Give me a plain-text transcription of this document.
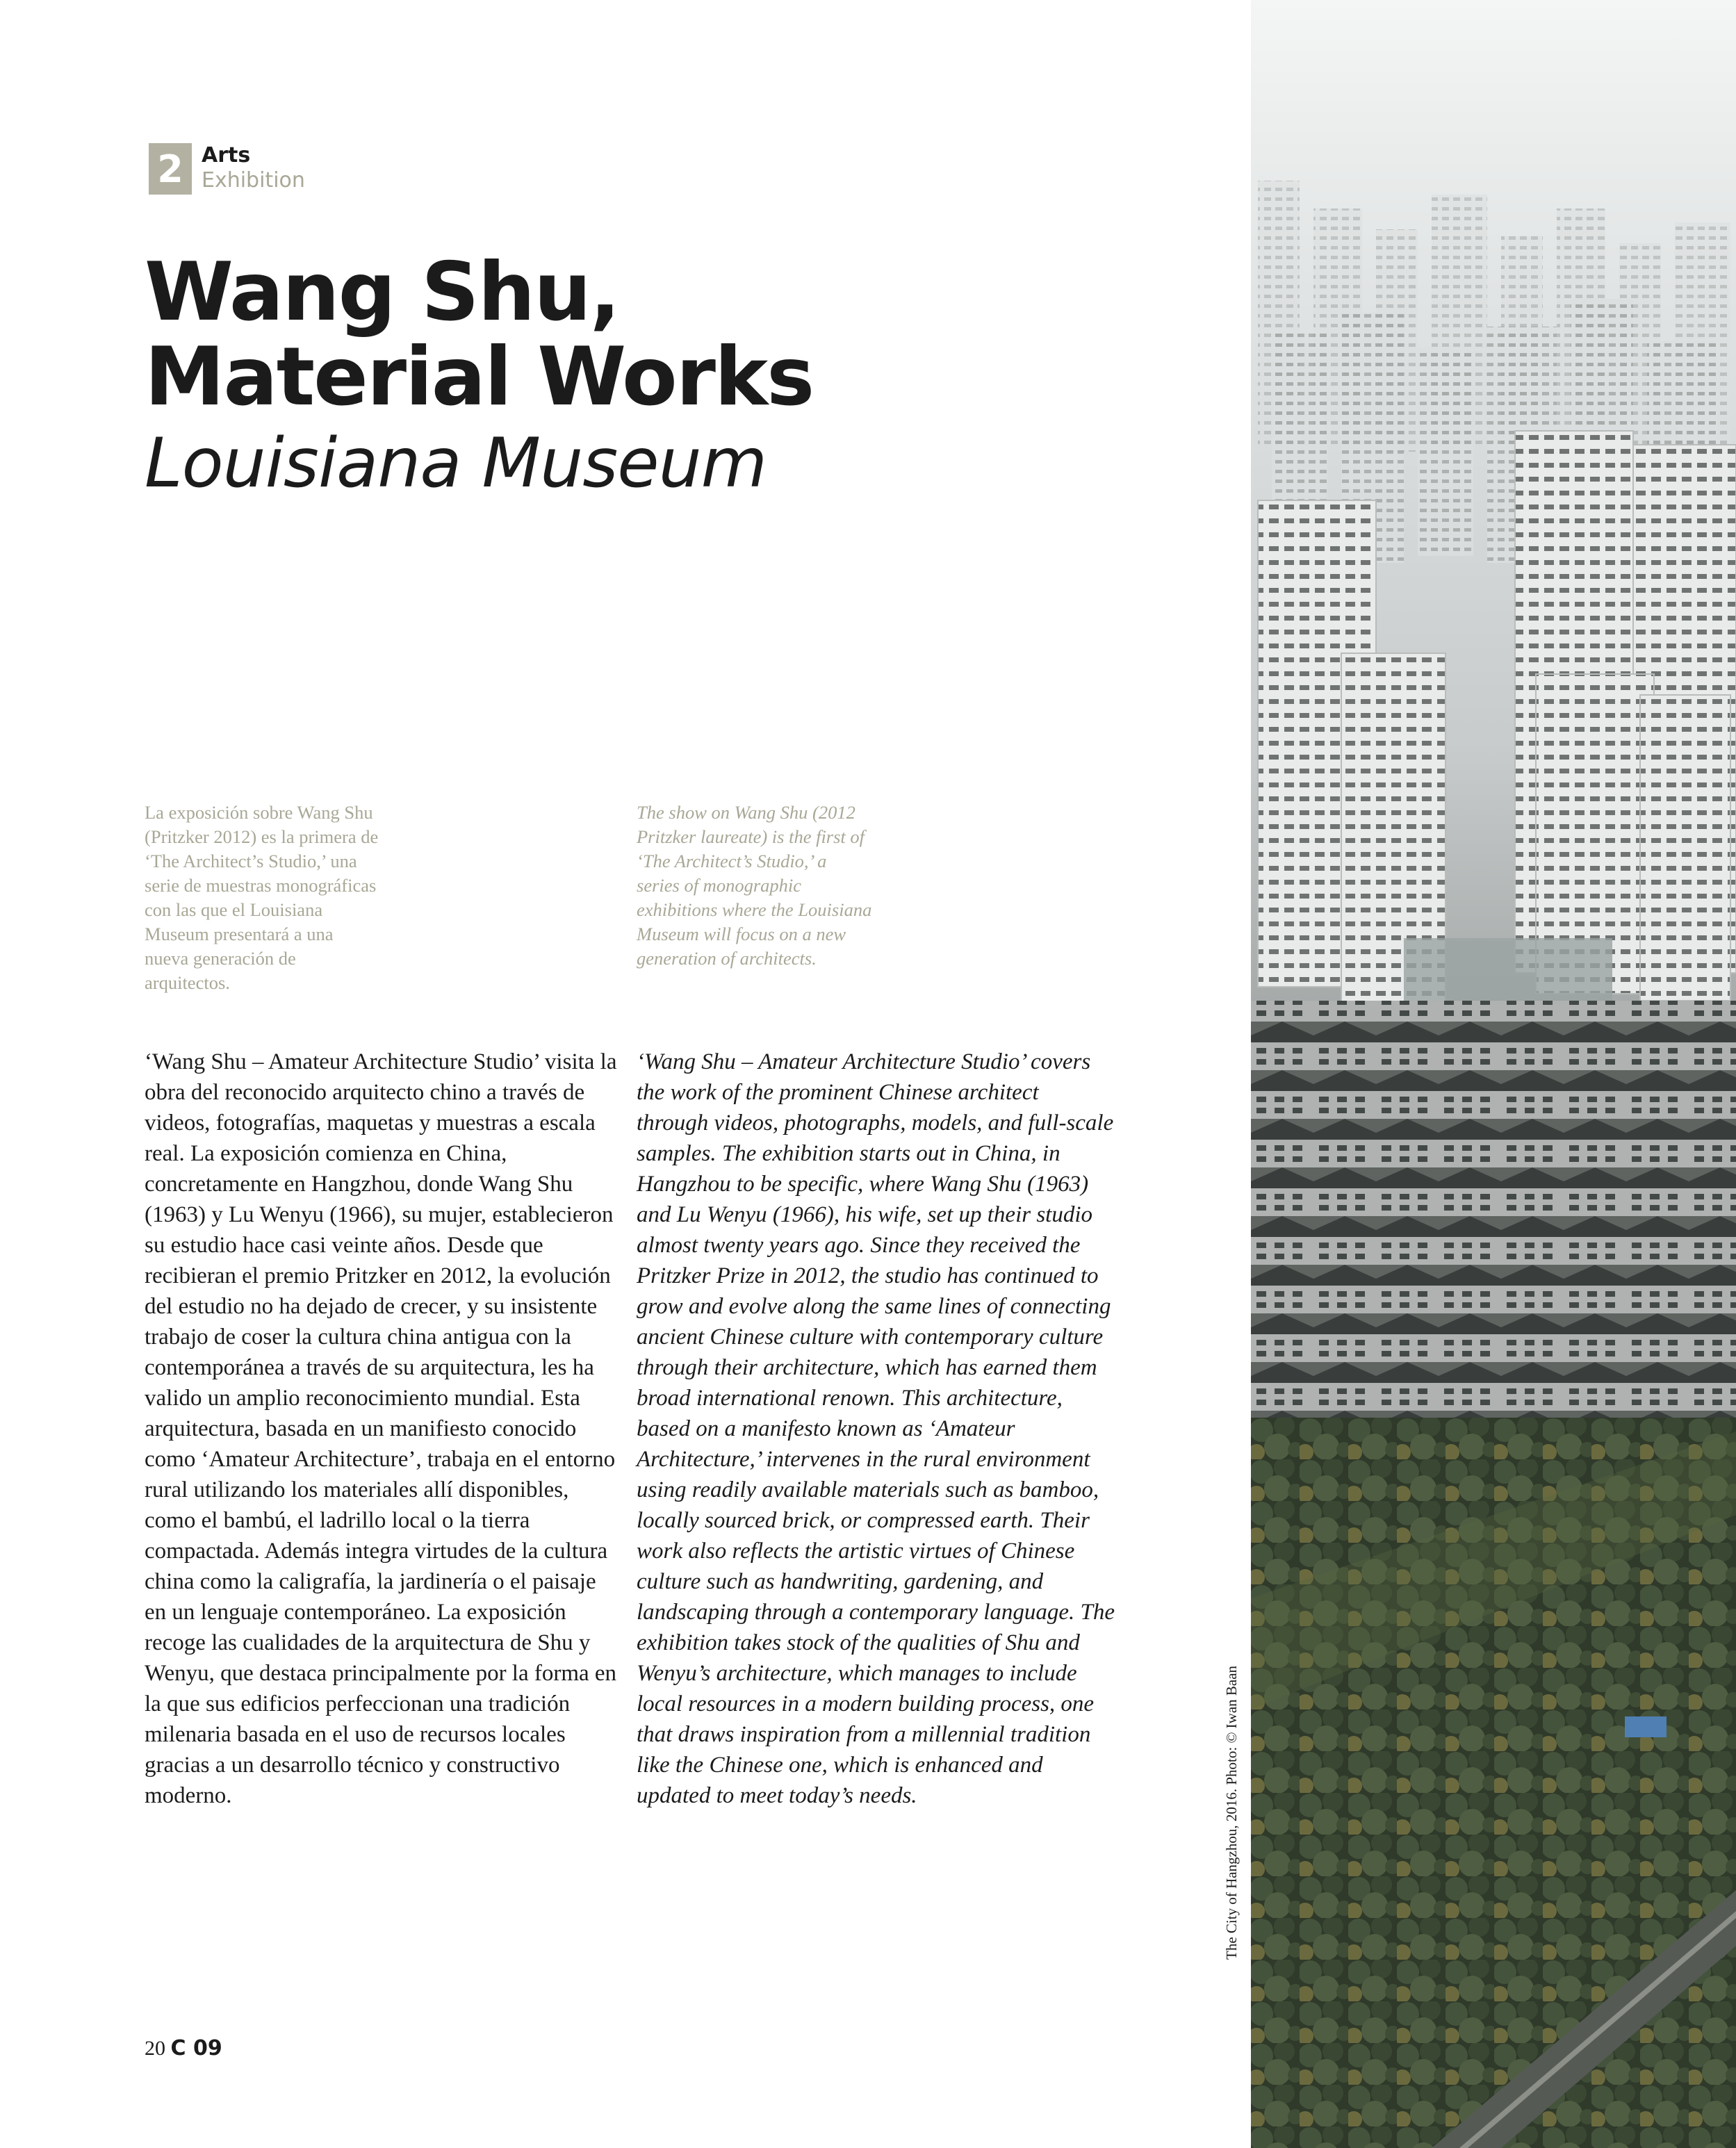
2 Arts
Exhibition
Wang Shu,
Material Works
Louisiana Museum

La exposición sobre Wang Shu (Pritzker 2012) es la primera de ‘The Architect’s Studio,’ una serie de muestras monográficas con las que el Louisiana Museum presentará a una nueva generación de arquitectos.

The show on Wang Shu (2012 Pritzker laureate) is the first of ‘The Architect’s Studio,’ a series of monographic exhibitions where the Louisiana Museum will focus on a new generation of architects.

‘Wang Shu – Amateur Architecture Studio’ visita la obra del reconocido arquitecto chino a través de videos, fotografías, maquetas y muestras a escala real. La exposición comienza en China, concretamente en Hangzhou, donde Wang Shu (1963) y Lu Wenyu (1966), su mujer, establecieron su estudio hace casi veinte años. Desde que recibieran el premio Pritzker en 2012, la evolución del estudio no ha dejado de crecer, y su insistente trabajo de coser la cultura china antigua con la contemporánea a través de su arquitectura, les ha valido un amplio reconocimiento mundial. Esta arquitectura, basada en un manifiesto conocido como ‘Amateur Architecture’, trabaja en el entorno rural utilizando los materiales allí disponibles, como el bambú, el ladrillo local o la tierra compactada. Además integra virtudes de la cultura china como la caligrafía, la jardinería o el paisaje en un lenguaje contemporáneo. La exposición recoge las cualidades de la arquitectura de Shu y Wenyu, que destaca principalmente por la forma en la que sus edificios perfeccionan una tradición milenaria basada en el uso de recursos locales gracias a un desarrollo técnico y constructivo moderno.

‘Wang Shu – Amateur Architecture Studio’ covers the work of the prominent Chinese architect through videos, photographs, models, and full-scale samples. The exhibition starts out in China, in Hangzhou to be specific, where Wang Shu (1963) and Lu Wenyu (1966), his wife, set up their studio almost twenty years ago. Since they received the Pritzker Prize in 2012, the studio has continued to grow and evolve along the same lines of connecting ancient Chinese culture with contemporary culture through their architecture, which has earned them broad international renown. This architecture, based on a manifesto known as ‘Amateur Architecture,’ intervenes in the rural environment using readily available materials such as bamboo, locally sourced brick, or compressed earth. Their work also reflects the artistic virtues of Chinese culture such as handwriting, gardening, and landscaping through a contemporary language. The exhibition takes stock of the qualities of Shu and Wenyu’s architecture, which manages to include local resources in a modern building process, one that draws inspiration from a millennial tradition like the Chinese one, which is enhanced and updated to meet today’s needs.

20 C 09
The City of Hangzhou, 2016. Photo: © Iwan Baan
